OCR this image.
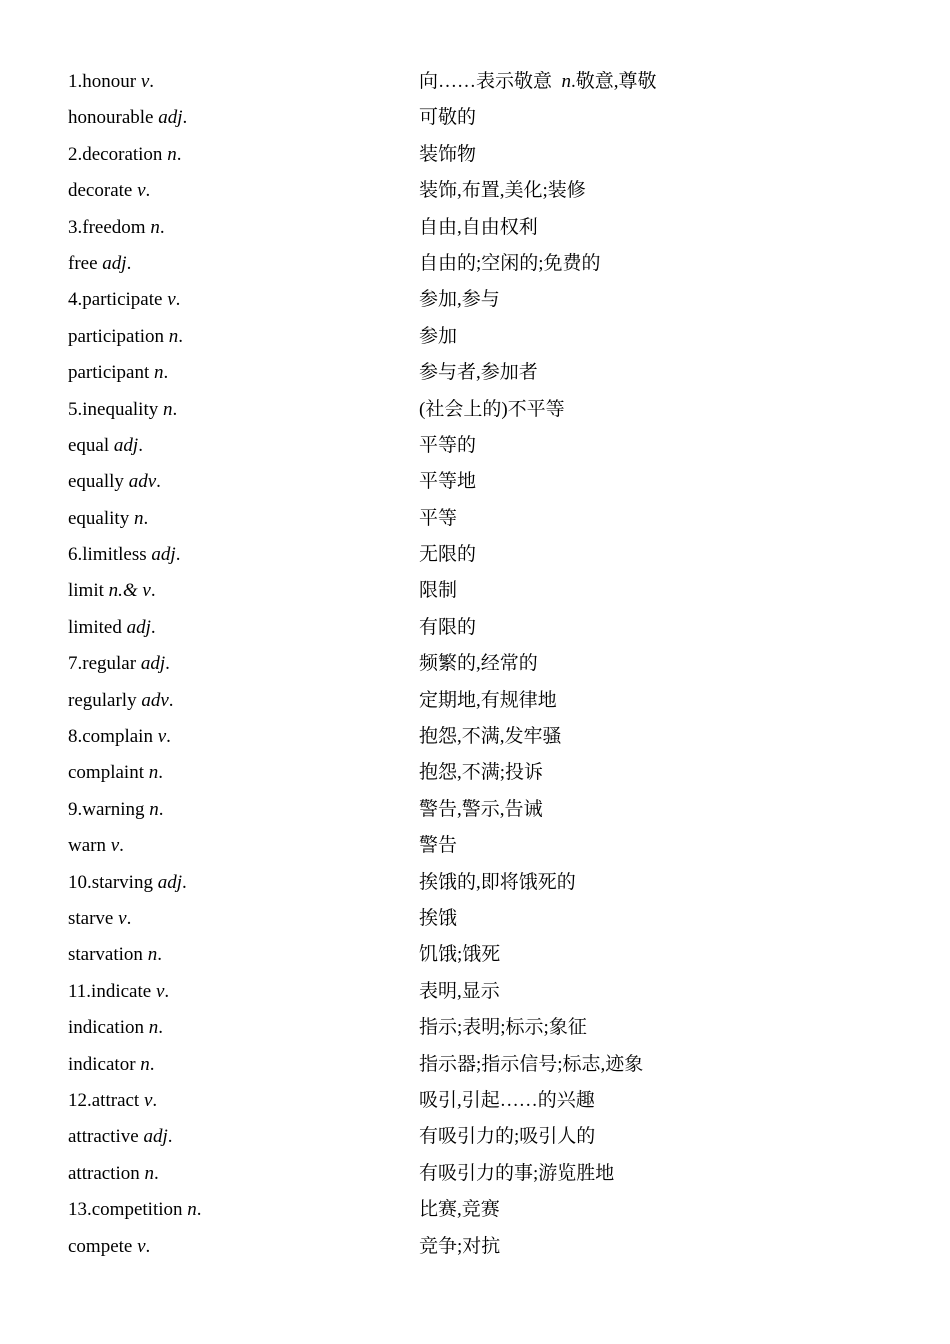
1.honour v.	向……表示敬意  n.敬意,尊敬
honourable adj.	可敬的
2.decoration n.	装饰物
decorate v.	装饰,布置,美化;装修
3.freedom n.	自由,自由权利
free adj.	自由的;空闲的;免费的
4.participate v.	参加,参与
participation n.	参加
participant n.	参与者,参加者
5.inequality n.	(社会上的)不平等
equal adj.	平等的
equally adv.	平等地
equality n.	平等
6.limitless adj.	无限的
limit n.& v.	限制
limited adj.	有限的
7.regular adj.	频繁的,经常的
regularly adv.	定期地,有规律地
8.complain v.	抱怨,不满,发牢骚
complaint n.	抱怨,不满;投诉
9.warning n.	警告,警示,告诫
warn v.	警告
10.starving adj.	挨饿的,即将饿死的
starve v.	挨饿
starvation n.	饥饿;饿死
11.indicate v.	表明,显示
indication n.	指示;表明;标示;象征
indicator n.	指示器;指示信号;标志,迹象
12.attract v.	吸引,引起……的兴趣
attractive adj.	有吸引力的;吸引人的
attraction n.	有吸引力的事;游览胜地
13.competition n.	比赛,竞赛
compete v.	竞争;对抗
